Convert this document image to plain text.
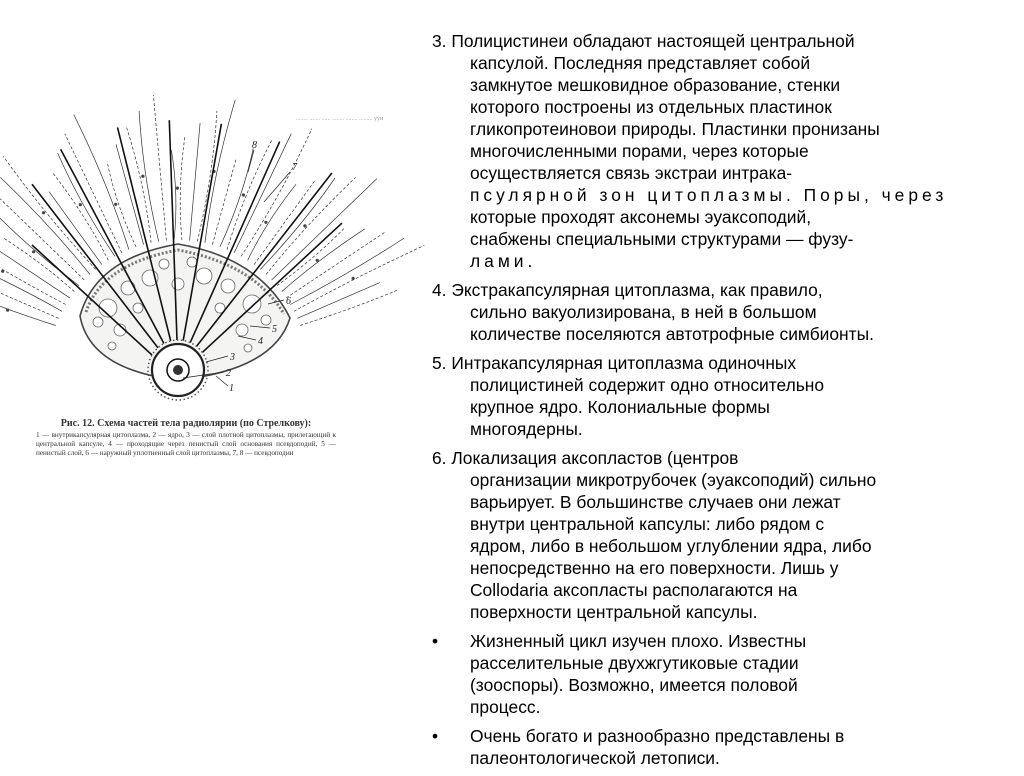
1
2
3
4
5
6
7
8
........ ....... ...... ........ ........ ......... ууи
Рис. 12. Схема частей тела радиолярии (по Стрелкову):
1 — внутрикапсулярная цитоплазма, 2 — ядро, 3 — слой плотной цитоплазмы, прилегающий к центральной капсуле, 4 — проходящие через пенистый слой основания псевдоподий, 5 — пенистый слой, 6 — наружный уплотненный слой цитоплазмы, 7, 8 — псевдоподии
3. Полицистинеи обладают настоящей центральной
капсулой. Последняя представляет собой
замкнутое мешковидное образование, стенки
которого построены из отдельных пластинок
гликопротеиновои природы. Пластинки пронизаны
многочисленными порами, через которые
осуществляется связь экстраи интрака-
псулярной зон цитоплазмы. Поры, через
которые проходят аксонемы эуаксоподий,
снабжены специальными структурами — фузу-
лами.
4. Экстракапсулярная цитоплазма, как правило,
сильно вакуолизирована, в ней в большом
количестве поселяются автотрофные симбионты.
5. Интракапсулярная цитоплазма одиночных
полицистиней содержит одно относительно
крупное ядро. Колониальные формы
многоядерны.
6. Локализация аксопластов (центров
организации микротрубочек (эуаксоподий) сильно
варьирует. В большинстве случаев они лежат
внутри центральной капсулы: либо рядом с
ядром, либо в небольшом углублении ядра, либо
непосредственно на его поверхности. Лишь у
Collodaria аксопласты располагаются на
поверхности центральной капсулы.
•	Жизненный цикл изучен плохо. Известны
расселительные двухжгутиковые стадии
(зооспоры). Возможно, имеется половой
процесс.
•	Очень богато и разнообразно представлены в
палеонтологической летописи.
